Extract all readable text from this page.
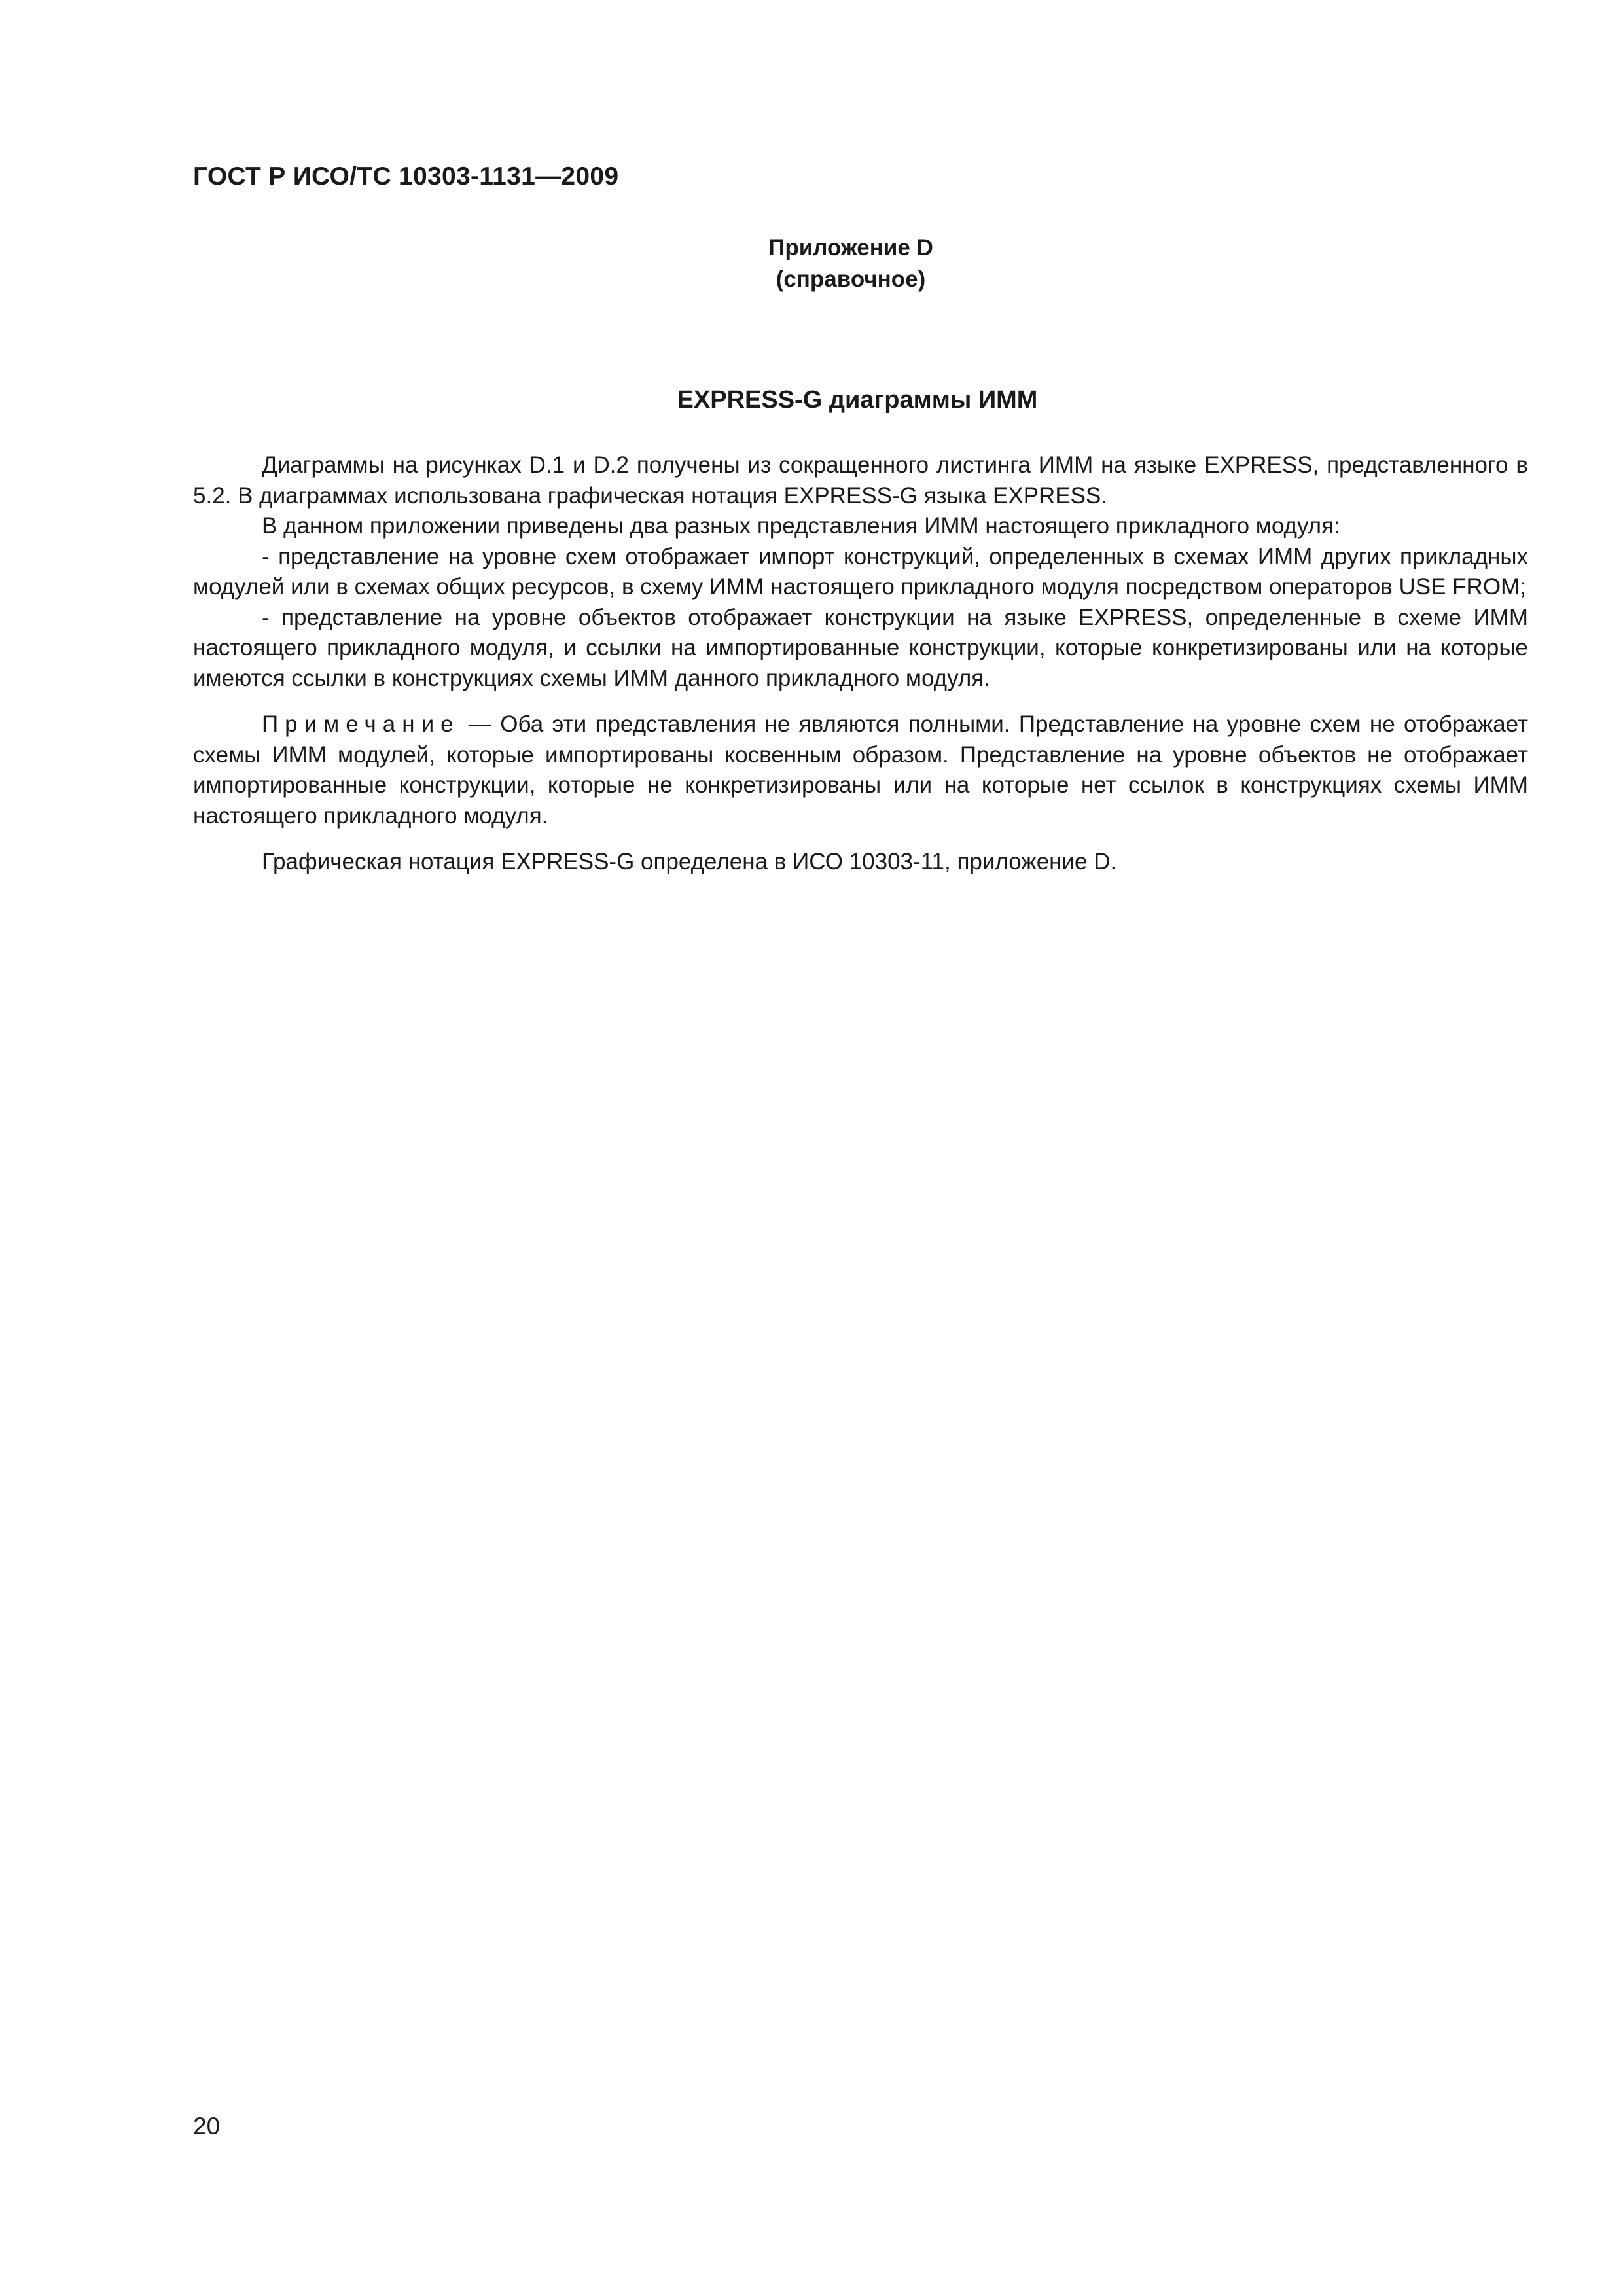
ГОСТ Р ИСО/ТС 10303-1131—2009
Приложение D
(справочное)
EXPRESS-G диаграммы ИММ

Диаграммы на рисунках D.1 и D.2 получены из сокращенного листинга ИММ на языке EXPRESS, представленного в 5.2. В диаграммах использована графическая нотация EXPRESS-G языка EXPRESS.

В данном приложении приведены два разных представления ИММ настоящего прикладного модуля:

- представление на уровне схем отображает импорт конструкций, определенных в схемах ИММ других прикладных модулей или в схемах общих ресурсов, в схему ИММ настоящего прикладного модуля посредством операторов USE FROM;

- представление на уровне объектов отображает конструкции на языке EXPRESS, определенные в схеме ИММ настоящего прикладного модуля, и ссылки на импортированные конструкции, которые конкретизированы или на которые имеются ссылки в конструкциях схемы ИММ данного прикладного модуля.

Примечание — Оба эти представления не являются полными. Представление на уровне схем не отображает схемы ИММ модулей, которые импортированы косвенным образом. Представление на уровне объектов не отображает импортированные конструкции, которые не конкретизированы или на которые нет ссылок в конструкциях схемы ИММ настоящего прикладного модуля.

Графическая нотация EXPRESS-G определена в ИСО 10303-11, приложение D.

20
